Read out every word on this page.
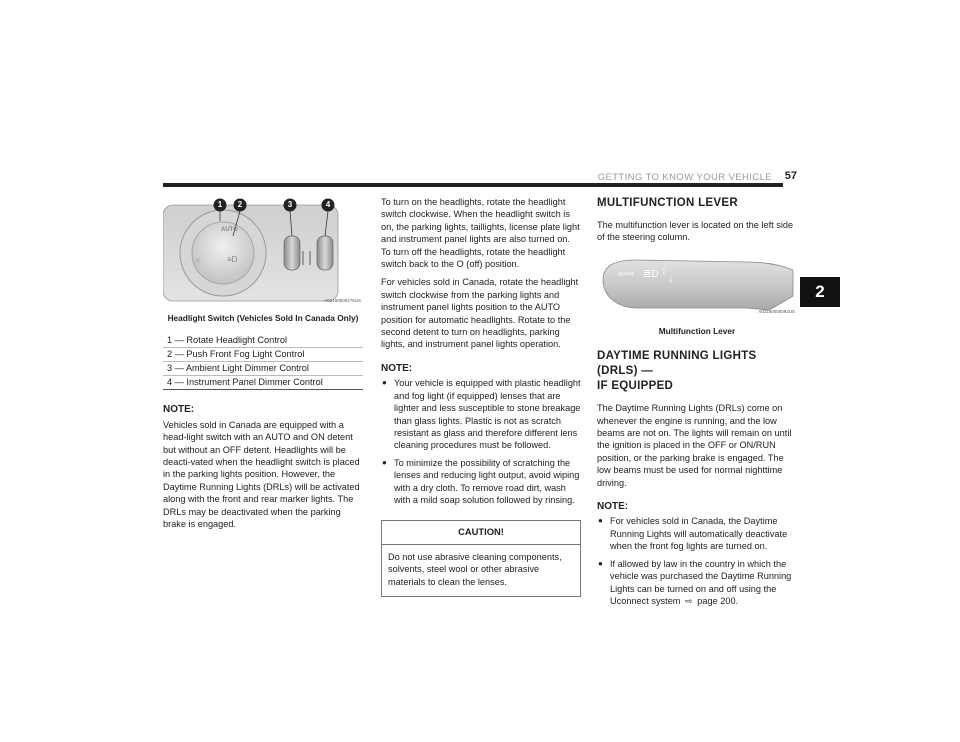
GETTING TO KNOW YOUR VEHICLE 57
2
1 2	3	4
AUTO
☼	≡D
A02160000175US
Headlight Switch (Vehicles Sold In Canada Only)
1 — Rotate Headlight Control
2 — Push Front Fog Light Control
3 — Ambient Light Dimmer Control
4 — Instrument Panel Dimmer Control
NOTE:

Vehicles sold in Canada are equipped with a head-light switch with an AUTO and ON detent but without an OFF detent. Headlights will be deacti-vated when the headlight switch is placed in the parking lights position. However, the Daytime Running Lights (DRLs) will be activated along with the front and rear marker lights. The DRLs may be deactivated when the parking brake is engaged.

To turn on the headlights, rotate the headlight switch clockwise. When the headlight switch is on, the parking lights, taillights, license plate light and instrument panel lights are also turned on. To turn off the headlights, rotate the headlight switch back to the O (off) position.

For vehicles sold in Canada, rotate the headlight switch clockwise from the parking lights and instrument panel lights position to the AUTO position for automatic headlights. Rotate to the second detent to turn on headlights, parking lights, and instrument panel lights operation.

NOTE:
● Your vehicle is equipped with plastic headlight and fog light (if equipped) lenses that are lighter and less susceptible to stone breakage than glass lights. Plastic is not as scratch resistant as glass and therefore different lens cleaning procedures must be followed.
● To minimize the possibility of scratching the lenses and reducing light output, avoid wiping with a dry cloth. To remove road dirt, wash with a mild soap solution followed by rinsing.
CAUTION!
Do not use abrasive cleaning components, solvents, steel wool or other abrasive materials to clean the lenses.
MULTIFUNCTION LEVER

The multifunction lever is located on the left side of the steering column.

⇦⇨ ≣D ↑
↓
A02160000092US
Multifunction Lever
DAYTIME RUNNING LIGHTS (DRLS) —
IF EQUIPPED

The Daytime Running Lights (DRLs) come on whenever the engine is running, and the low beams are not on. The lights will remain on until the ignition is placed in the OFF or ON/RUN position, or the parking brake is engaged. The low beams must be used for normal nighttime driving.

NOTE:
● For vehicles sold in Canada, the Daytime Running Lights will automatically deactivate when the front fog lights are turned on.
● If allowed by law in the country in which the vehicle was purchased the Daytime Running Lights can be turned on and off using the Uconnect system ⇨ page 200.
